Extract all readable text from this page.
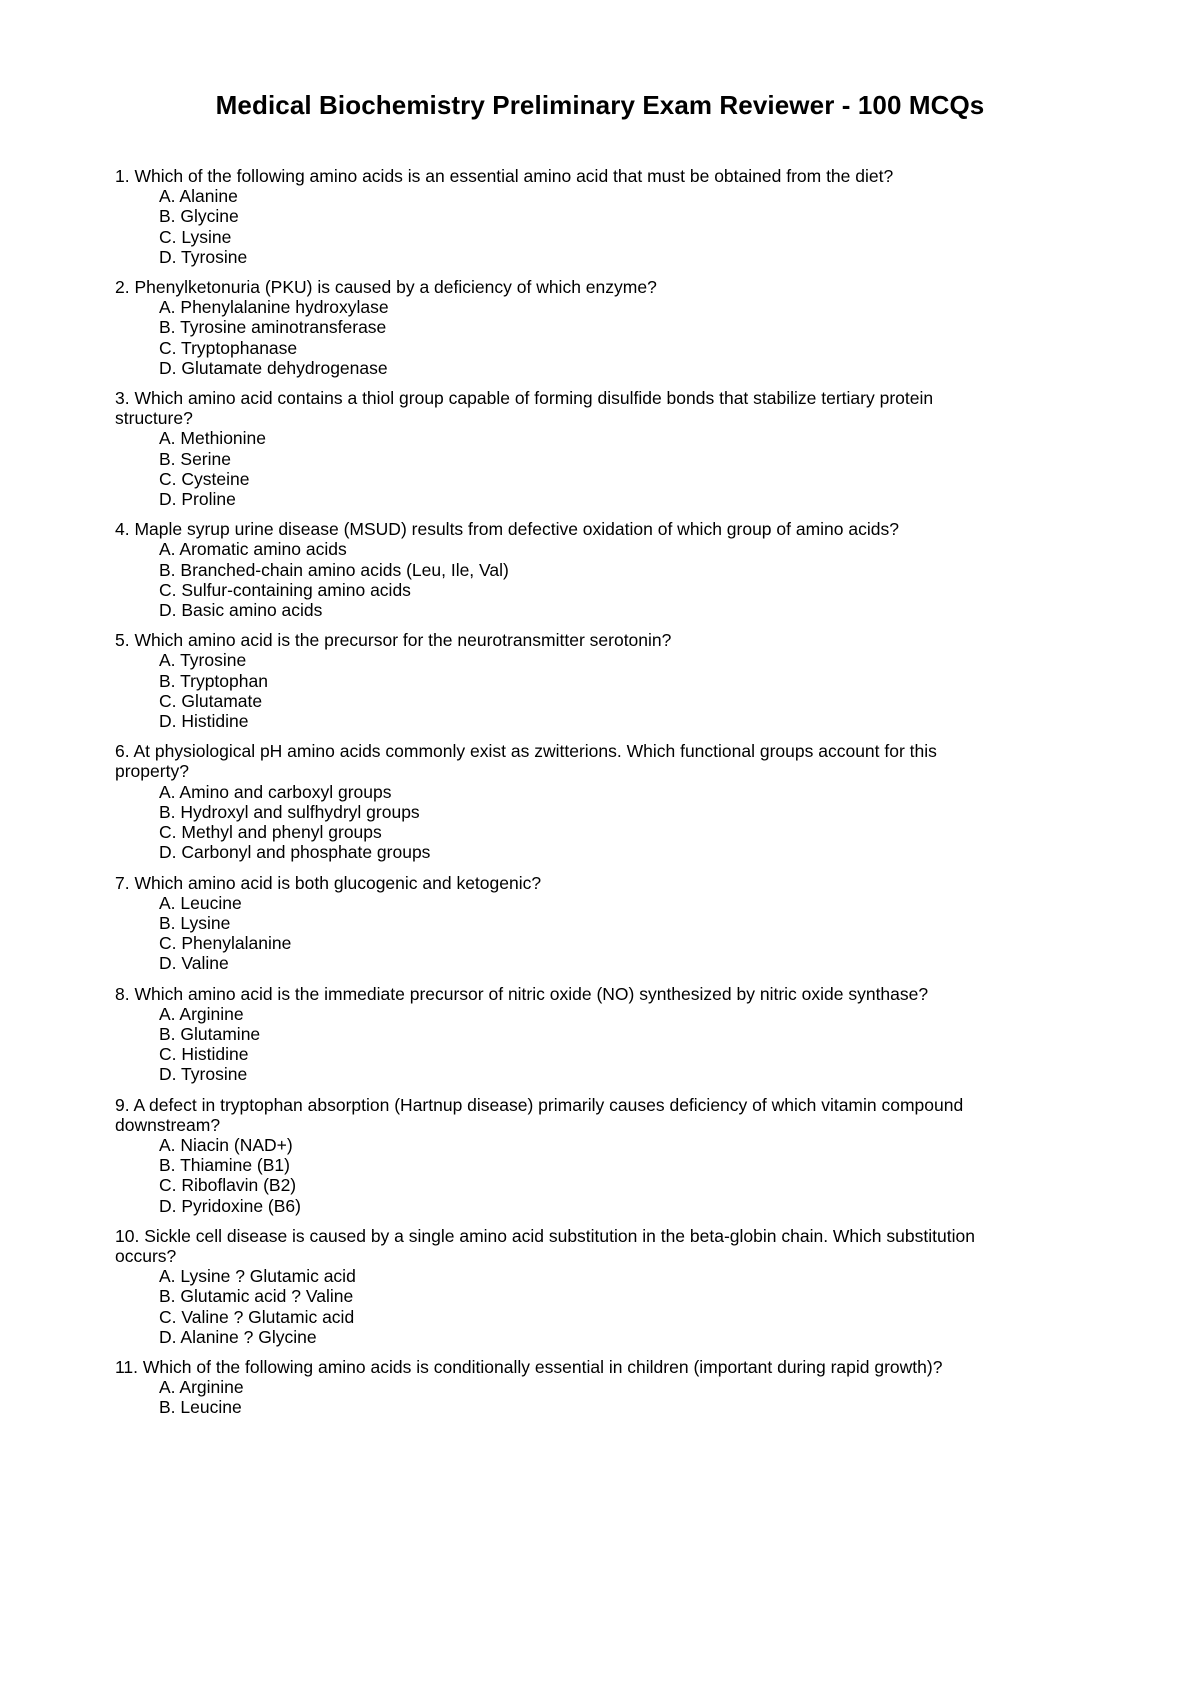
Medical Biochemistry Preliminary Exam Reviewer - 100 MCQs
1. Which of the following amino acids is an essential amino acid that must be obtained from the diet?
A. Alanine
B. Glycine
C. Lysine
D. Tyrosine
2. Phenylketonuria (PKU) is caused by a deficiency of which enzyme?
A. Phenylalanine hydroxylase
B. Tyrosine aminotransferase
C. Tryptophanase
D. Glutamate dehydrogenase
3. Which amino acid contains a thiol group capable of forming disulfide bonds that stabilize tertiary protein structure?
A. Methionine
B. Serine
C. Cysteine
D. Proline
4. Maple syrup urine disease (MSUD) results from defective oxidation of which group of amino acids?
A. Aromatic amino acids
B. Branched-chain amino acids (Leu, Ile, Val)
C. Sulfur-containing amino acids
D. Basic amino acids
5. Which amino acid is the precursor for the neurotransmitter serotonin?
A. Tyrosine
B. Tryptophan
C. Glutamate
D. Histidine
6. At physiological pH amino acids commonly exist as zwitterions. Which functional groups account for this property?
A. Amino and carboxyl groups
B. Hydroxyl and sulfhydryl groups
C. Methyl and phenyl groups
D. Carbonyl and phosphate groups
7. Which amino acid is both glucogenic and ketogenic?
A. Leucine
B. Lysine
C. Phenylalanine
D. Valine
8. Which amino acid is the immediate precursor of nitric oxide (NO) synthesized by nitric oxide synthase?
A. Arginine
B. Glutamine
C. Histidine
D. Tyrosine
9. A defect in tryptophan absorption (Hartnup disease) primarily causes deficiency of which vitamin compound downstream?
A. Niacin (NAD+)
B. Thiamine (B1)
C. Riboflavin (B2)
D. Pyridoxine (B6)
10. Sickle cell disease is caused by a single amino acid substitution in the beta-globin chain. Which substitution occurs?
A. Lysine ? Glutamic acid
B. Glutamic acid ? Valine
C. Valine ? Glutamic acid
D. Alanine ? Glycine
11. Which of the following amino acids is conditionally essential in children (important during rapid growth)?
A. Arginine
B. Leucine
